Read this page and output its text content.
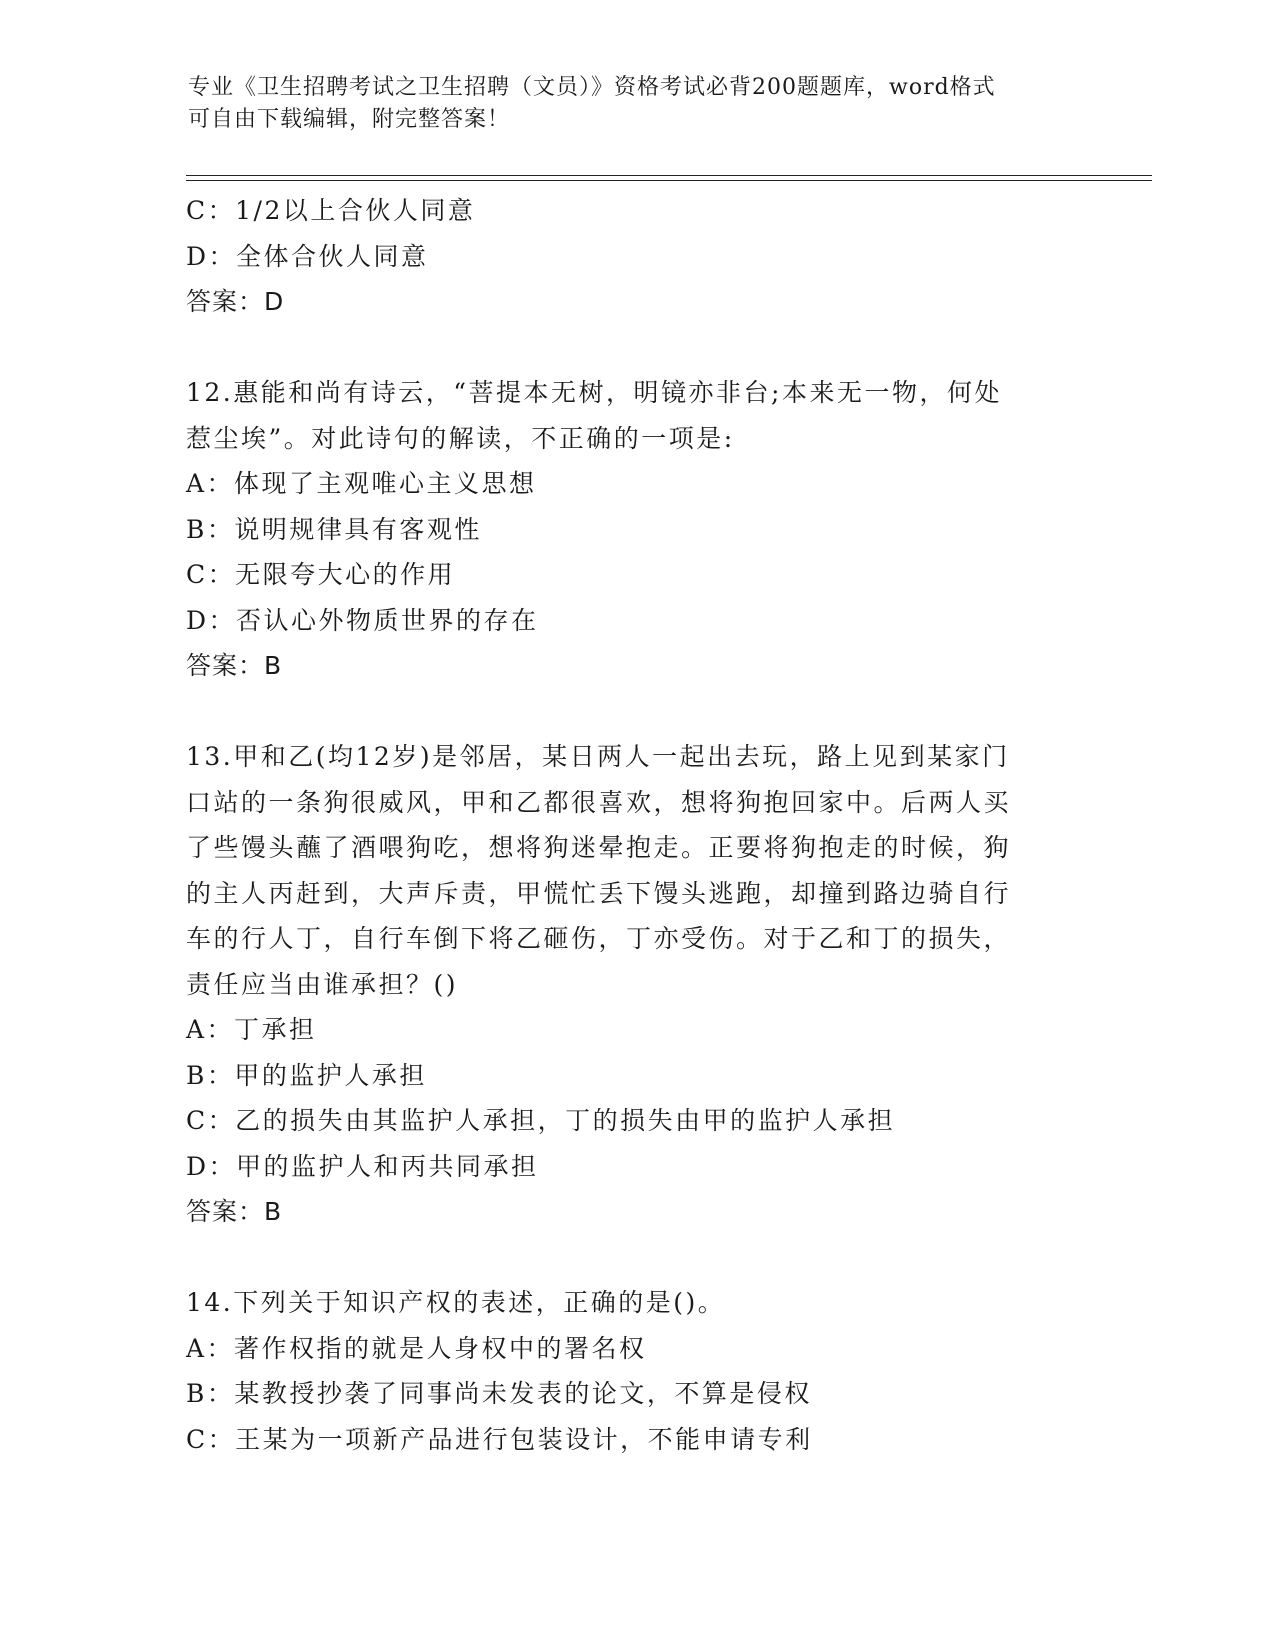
专业《卫生招聘考试之卫生招聘（文员）》资格考试必背200题题库，word格式
可自由下载编辑，附完整答案！
C：1/2以上合伙人同意
D：全体合伙人同意
答案：D
12.惠能和尚有诗云，“菩提本无树，明镜亦非台;本来无一物，何处
惹尘埃”。对此诗句的解读，不正确的一项是:
A：体现了主观唯心主义思想
B：说明规律具有客观性
C：无限夸大心的作用
D：否认心外物质世界的存在
答案：B
13.甲和乙(均12岁)是邻居，某日两人一起出去玩，路上见到某家门
口站的一条狗很威风，甲和乙都很喜欢，想将狗抱回家中。后两人买
了些馒头蘸了酒喂狗吃，想将狗迷晕抱走。正要将狗抱走的时候，狗
的主人丙赶到，大声斥责，甲慌忙丢下馒头逃跑，却撞到路边骑自行
车的行人丁，自行车倒下将乙砸伤，丁亦受伤。对于乙和丁的损失，
责任应当由谁承担？()
A：丁承担
B：甲的监护人承担
C：乙的损失由其监护人承担，丁的损失由甲的监护人承担
D：甲的监护人和丙共同承担
答案：B
14.下列关于知识产权的表述，正确的是()。
A：著作权指的就是人身权中的署名权
B：某教授抄袭了同事尚未发表的论文，不算是侵权
C：王某为一项新产品进行包装设计，不能申请专利
